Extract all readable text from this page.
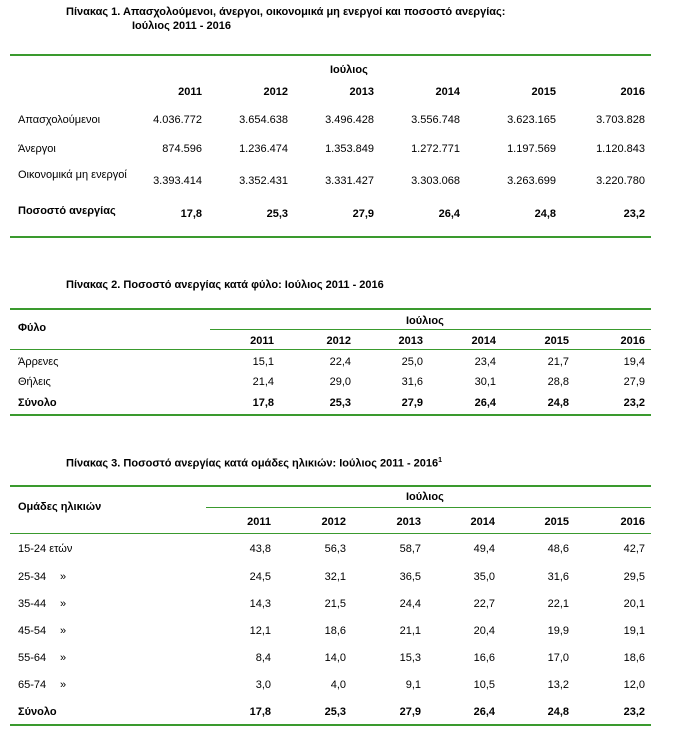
Πίνακας 1. Απασχολούμενοι, άνεργοι, οικονομικά μη ενεργοί και ποσοστό ανεργίας:
Ιούλιος 2011 - 2016
Ιούλιος
2011	2012	2013	2014	2015	2016
Απασχολούμενοι	4.036.772	3.654.638	3.496.428	3.556.748	3.623.165	3.703.828
Άνεργοι	874.596	1.236.474	1.353.849	1.272.771	1.197.569	1.120.843
Οικονομικά μη ενεργοί	3.393.414	3.352.431	3.331.427	3.303.068	3.263.699	3.220.780
Ποσοστό ανεργίας	17,8	25,3	27,9	26,4	24,8	23,2
Πίνακας 2. Ποσοστό ανεργίας κατά φύλο: Ιούλιος 2011 - 2016
Φύλο
Ιούλιος
2011	2012	2013	2014	2015	2016
Άρρενες	15,1	22,4	25,0	23,4	21,7	19,4
Θήλεις	21,4	29,0	31,6	30,1	28,8	27,9
Σύνολο	17,8	25,3	27,9	26,4	24,8	23,2
Πίνακας 3. Ποσοστό ανεργίας κατά ομάδες ηλικιών: Ιούλιος 2011 - 2016$^1$
Ομάδες ηλικιών
Ιούλιος
2011	2012	2013	2014	2015	2016
15-24 ετών	43,8	56,3	58,7	49,4	48,6	42,7
25-34 »	24,5	32,1	36,5	35,0	31,6	29,5
35-44 »	14,3	21,5	24,4	22,7	22,1	20,1
45-54 »	12,1	18,6	21,1	20,4	19,9	19,1
55-64 »	8,4	14,0	15,3	16,6	17,0	18,6
65-74 »	3,0	4,0	9,1	10,5	13,2	12,0
Σύνολο	17,8	25,3	27,9	26,4	24,8	23,2
